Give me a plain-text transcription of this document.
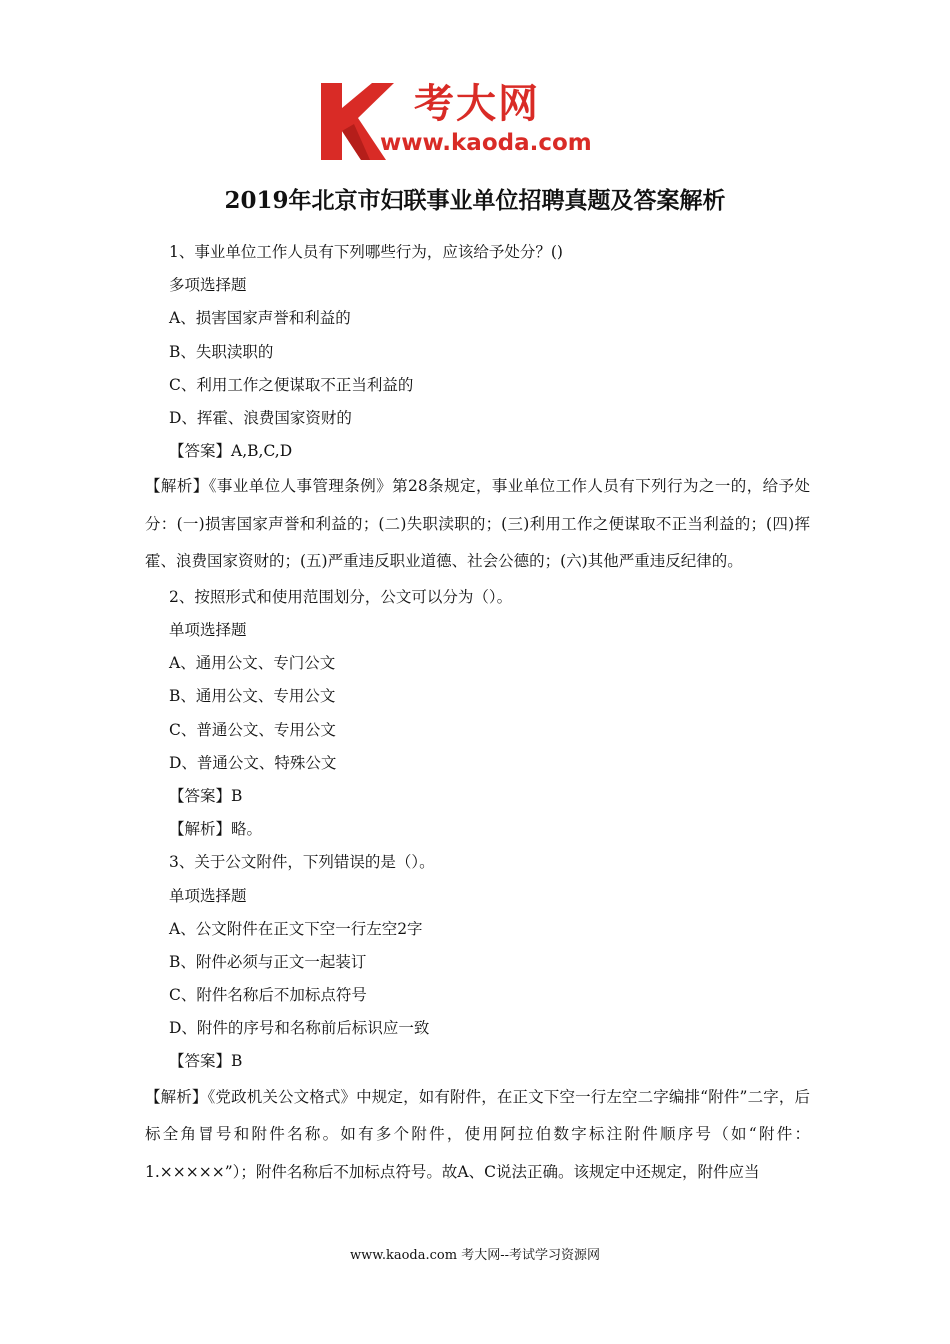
考大网
www.kaoda.com
2019年北京市妇联事业单位招聘真题及答案解析
1、事业单位工作人员有下列哪些行为，应该给予处分？()
多项选择题
A、损害国家声誉和利益的
B、失职渎职的
C、利用工作之便谋取不正当利益的
D、挥霍、浪费国家资财的
【答案】A,B,C,D

【解析】《事业单位人事管理条例》第28条规定，事业单位工作人员有下列行为之一的，给予处分：(一)损害国家声誉和利益的；(二)失职渎职的；(三)利用工作之便谋取不正当利益的；(四)挥霍、浪费国家资财的；(五)严重违反职业道德、社会公德的；(六)其他严重违反纪律的。

2、按照形式和使用范围划分，公文可以分为（）。
单项选择题
A、通用公文、专门公文
B、通用公文、专用公文
C、普通公文、专用公文
D、普通公文、特殊公文
【答案】B
【解析】略。
3、关于公文附件，下列错误的是（）。
单项选择题
A、公文附件在正文下空一行左空2字
B、附件必须与正文一起装订
C、附件名称后不加标点符号
D、附件的序号和名称前后标识应一致
【答案】B

【解析】《党政机关公文格式》中规定，如有附件，在正文下空一行左空二字编排“附件”二字，后标全角冒号和附件名称。如有多个附件，使用阿拉伯数字标注附件顺序号（如“附件：1.×××××”）；附件名称后不加标点符号。故A、C说法正确。该规定中还规定，附件应当

www.kaoda.com 考大网--考试学习资源网
